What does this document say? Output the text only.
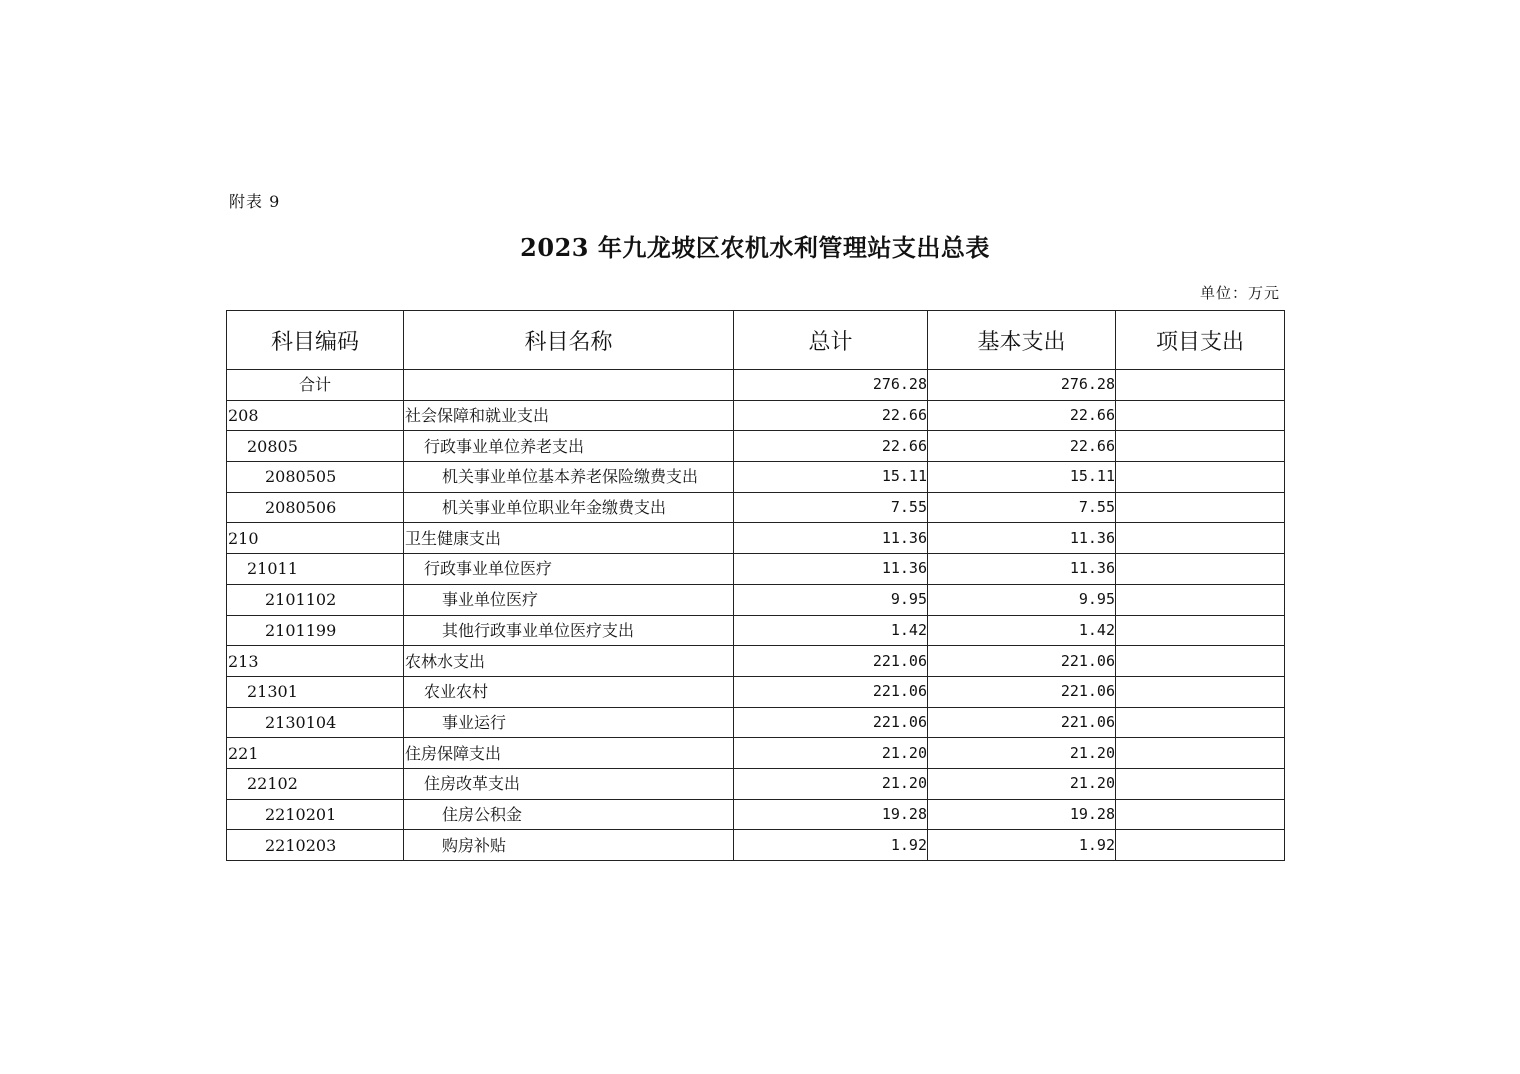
附表 9
2023 年九龙坡区农机水利管理站支出总表
单位：万元
科目编码	科目名称	总计	基本支出	项目支出
合计		276.28	276.28	
208	社会保障和就业支出	22.66	22.66	
20805	行政事业单位养老支出	22.66	22.66	
2080505	机关事业单位基本养老保险缴费支出	15.11	15.11	
2080506	机关事业单位职业年金缴费支出	7.55	7.55	
210	卫生健康支出	11.36	11.36	
21011	行政事业单位医疗	11.36	11.36	
2101102	事业单位医疗	9.95	9.95	
2101199	其他行政事业单位医疗支出	1.42	1.42	
213	农林水支出	221.06	221.06	
21301	农业农村	221.06	221.06	
2130104	事业运行	221.06	221.06	
221	住房保障支出	21.20	21.20	
22102	住房改革支出	21.20	21.20	
2210201	住房公积金	19.28	19.28	
2210203	购房补贴	1.92	1.92	
